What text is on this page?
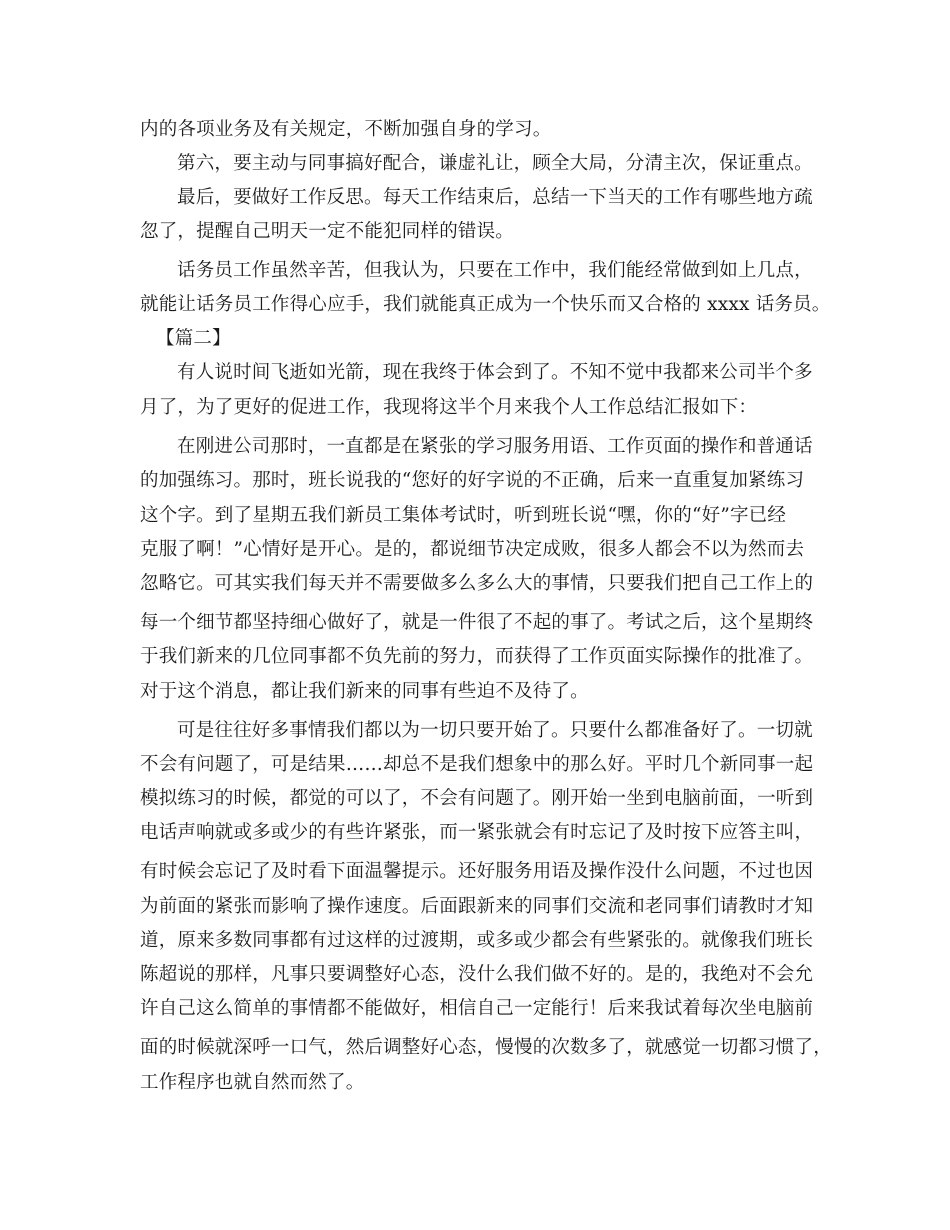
内的各项业务及有关规定，不断加强自身的学习。
第六，要主动与同事搞好配合，谦虚礼让，顾全大局，分清主次，保证重点。
最后，要做好工作反思。每天工作结束后，总结一下当天的工作有哪些地方疏
忽了，提醒自己明天一定不能犯同样的错误。
话务员工作虽然辛苦，但我认为，只要在工作中，我们能经常做到如上几点，
就能让话务员工作得心应手，我们就能真正成为一个快乐而又合格的 xxxx 话务员。
【篇二】
有人说时间飞逝如光箭，现在我终于体会到了。不知不觉中我都来公司半个多
月了，为了更好的促进工作，我现将这半个月来我个人工作总结汇报如下：
在刚进公司那时，一直都是在紧张的学习服务用语、工作页面的操作和普通话
的加强练习。那时，班长说我的“您好的好字说的不正确，后来一直重复加紧练习
这个字。到了星期五我们新员工集体考试时，听到班长说“嘿，你的“好”字已经
克服了啊！”心情好是开心。是的，都说细节决定成败，很多人都会不以为然而去
忽略它。可其实我们每天并不需要做多么多么大的事情，只要我们把自己工作上的
每一个细节都坚持细心做好了，就是一件很了不起的事了。考试之后，这个星期终
于我们新来的几位同事都不负先前的努力，而获得了工作页面实际操作的批准了。
对于这个消息，都让我们新来的同事有些迫不及待了。
可是往往好多事情我们都以为一切只要开始了。只要什么都准备好了。一切就
不会有问题了，可是结果……却总不是我们想象中的那么好。平时几个新同事一起
模拟练习的时候，都觉的可以了，不会有问题了。刚开始一坐到电脑前面，一听到
电话声响就或多或少的有些许紧张，而一紧张就会有时忘记了及时按下应答主叫，
有时候会忘记了及时看下面温馨提示。还好服务用语及操作没什么问题，不过也因
为前面的紧张而影响了操作速度。后面跟新来的同事们交流和老同事们请教时才知
道，原来多数同事都有过这样的过渡期，或多或少都会有些紧张的。就像我们班长
陈超说的那样，凡事只要调整好心态，没什么我们做不好的。是的，我绝对不会允
许自己这么简单的事情都不能做好，相信自己一定能行！后来我试着每次坐电脑前
面的时候就深呼一口气，然后调整好心态，慢慢的次数多了，就感觉一切都习惯了，
工作程序也就自然而然了。
